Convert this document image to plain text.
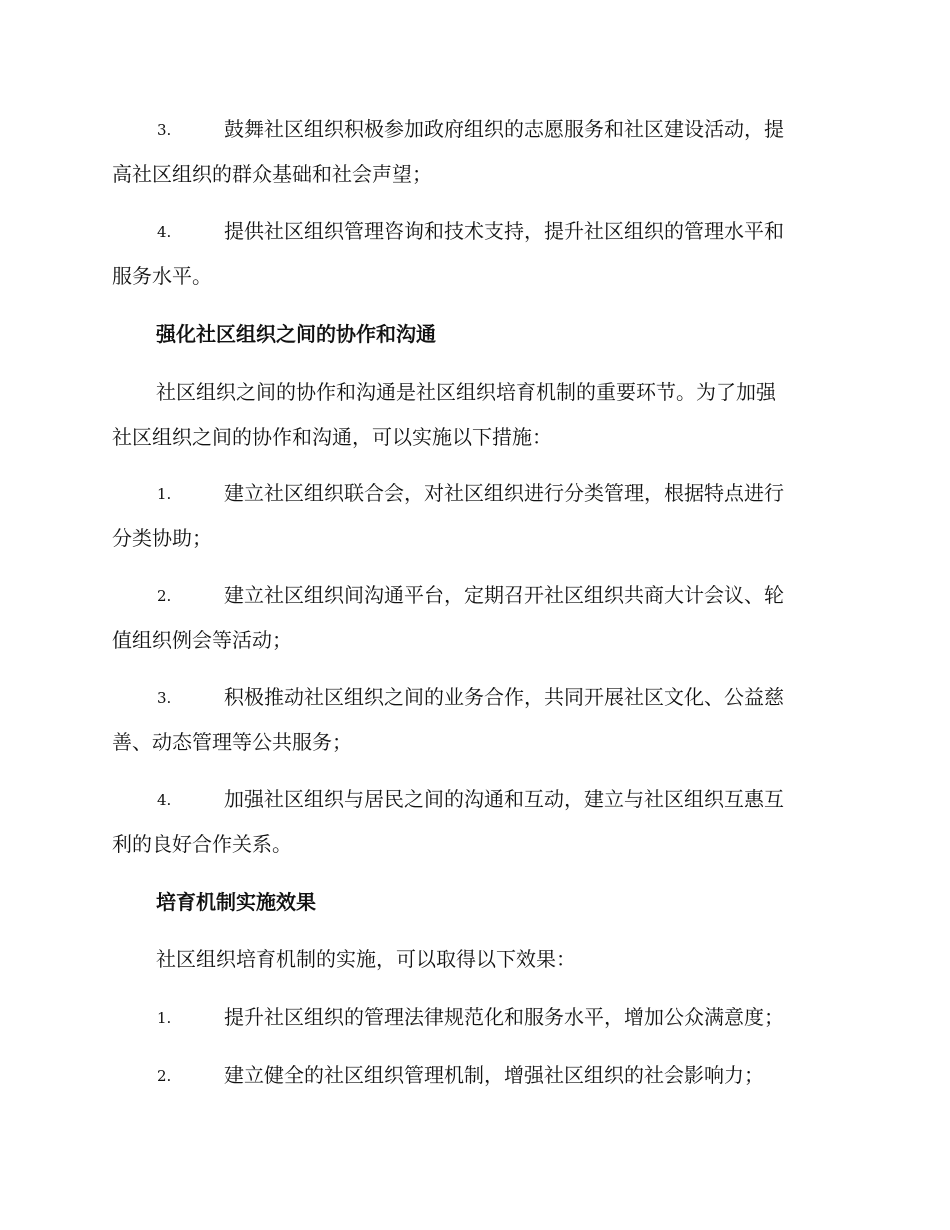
3.	鼓舞社区组织积极参加政府组织的志愿服务和社区建设活动，提
高社区组织的群众基础和社会声望；
4.	提供社区组织管理咨询和技术支持，提升社区组织的管理水平和
服务水平。
强化社区组织之间的协作和沟通
社区组织之间的协作和沟通是社区组织培育机制的重要环节。为了加强
社区组织之间的协作和沟通，可以实施以下措施：
1.	建立社区组织联合会，对社区组织进行分类管理，根据特点进行
分类协助；
2.	建立社区组织间沟通平台，定期召开社区组织共商大计会议、轮
值组织例会等活动；
3.	积极推动社区组织之间的业务合作，共同开展社区文化、公益慈
善、动态管理等公共服务；
4.	加强社区组织与居民之间的沟通和互动，建立与社区组织互惠互
利的良好合作关系。
培育机制实施效果
社区组织培育机制的实施，可以取得以下效果：
1.	提升社区组织的管理法律规范化和服务水平，增加公众满意度；
2.	建立健全的社区组织管理机制，增强社区组织的社会影响力；
